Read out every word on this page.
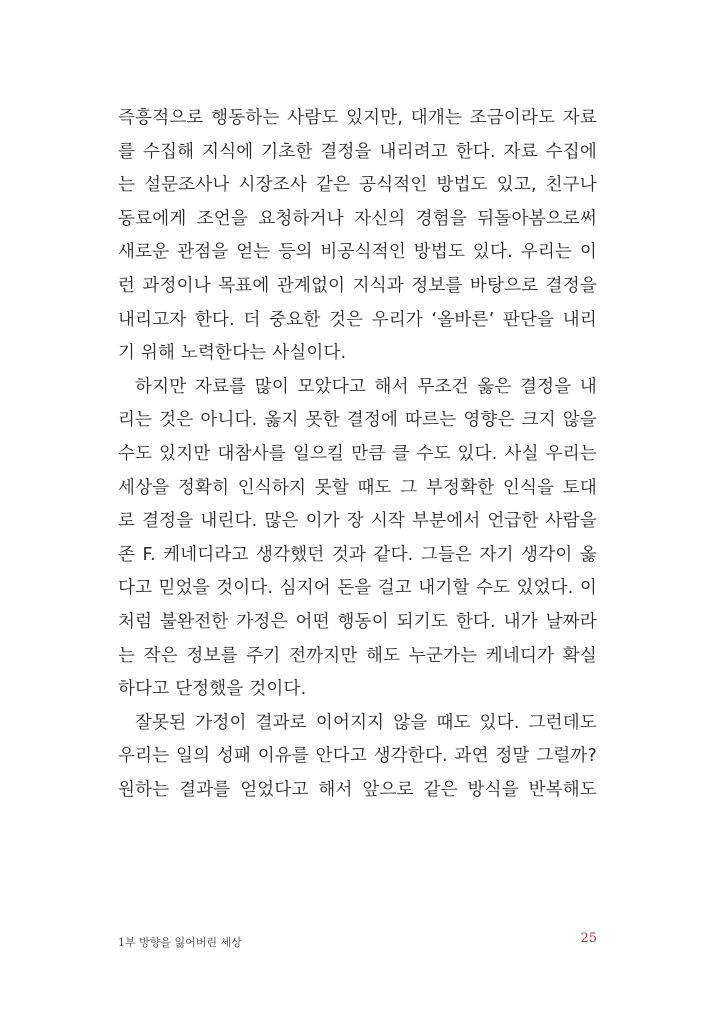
즉흥적으로 행동하는 사람도 있지만, 대개는 조금이라도 자료
를 수집해 지식에 기초한 결정을 내리려고 한다. 자료 수집에
는 설문조사나 시장조사 같은 공식적인 방법도 있고, 친구나
동료에게 조언을 요청하거나 자신의 경험을 뒤돌아봄으로써
새로운 관점을 얻는 등의 비공식적인 방법도 있다. 우리는 이
런 과정이나 목표에 관계없이 지식과 정보를 바탕으로 결정을
내리고자 한다. 더 중요한 것은 우리가 ‘올바른’ 판단을 내리
기 위해 노력한다는 사실이다.
하지만 자료를 많이 모았다고 해서 무조건 옳은 결정을 내
리는 것은 아니다. 옳지 못한 결정에 따르는 영향은 크지 않을
수도 있지만 대참사를 일으킬 만큼 클 수도 있다. 사실 우리는
세상을 정확히 인식하지 못할 때도 그 부정확한 인식을 토대
로 결정을 내린다. 많은 이가 장 시작 부분에서 언급한 사람을
존 F. 케네디라고 생각했던 것과 같다. 그들은 자기 생각이 옳
다고 믿었을 것이다. 심지어 돈을 걸고 내기할 수도 있었다. 이
처럼 불완전한 가정은 어떤 행동이 되기도 한다. 내가 날짜라
는 작은 정보를 주기 전까지만 해도 누군가는 케네디가 확실
하다고 단정했을 것이다.
잘못된 가정이 결과로 이어지지 않을 때도 있다. 그런데도
우리는 일의 성패 이유를 안다고 생각한다. 과연 정말 그럴까?
원하는 결과를 얻었다고 해서 앞으로 같은 방식을 반복해도
1부 방향을 잃어버린 세상	25
